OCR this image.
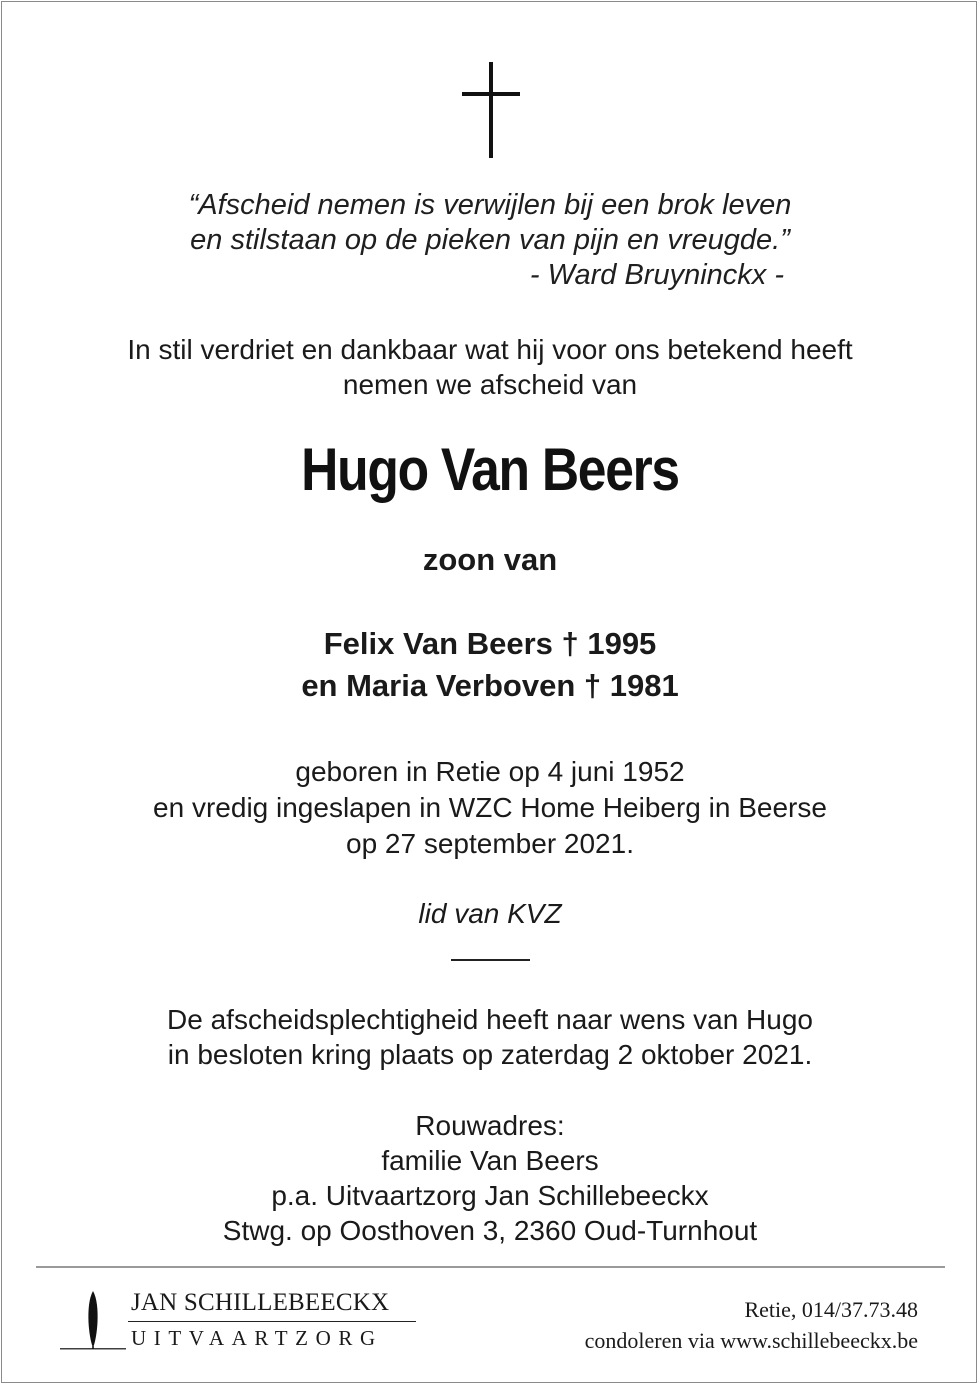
“Afscheid nemen is verwijlen bij een brok leven
en stilstaan op de pieken van pijn en vreugde.”
- Ward Bruyninckx -
In stil verdriet en dankbaar wat hij voor ons betekend heeft
nemen we afscheid van
Hugo Van Beers
zoon van
Felix Van Beers † 1995
en Maria Verboven † 1981
geboren in Retie op 4 juni 1952
en vredig ingeslapen in WZC Home Heiberg in Beerse
op 27 september 2021.
lid van KVZ
De afscheidsplechtigheid heeft naar wens van Hugo
in besloten kring plaats op zaterdag 2 oktober 2021.
Rouwadres:
familie Van Beers
p.a. Uitvaartzorg Jan Schillebeeckx
Stwg. op Oosthoven 3, 2360 Oud-Turnhout
JAN SCHILLEBEECKX
UITVAARTZORG
Retie, 014/37.73.48
condoleren via www.schillebeeckx.be
